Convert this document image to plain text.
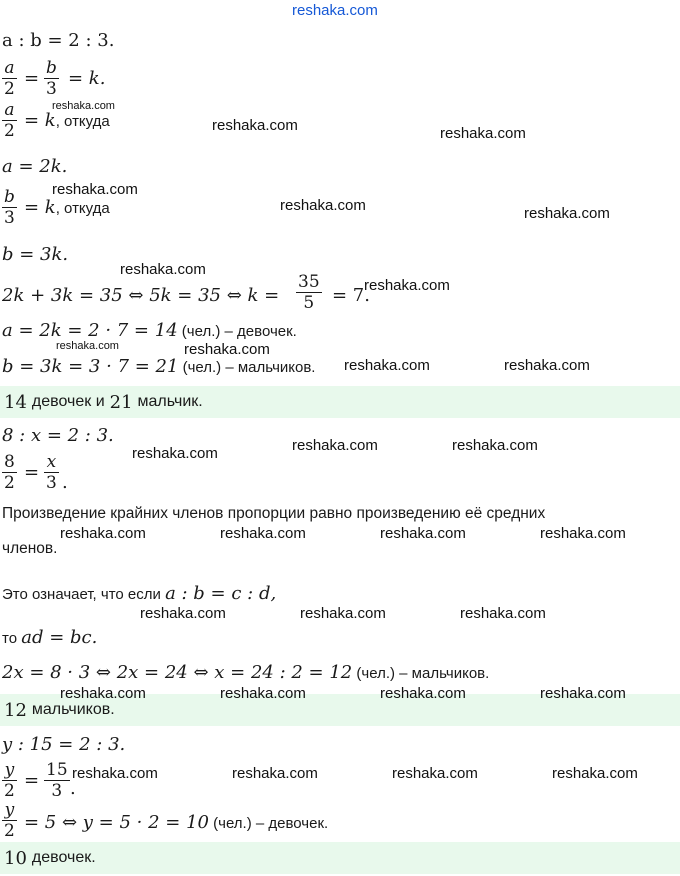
reshaka.com
a : b = 2 : 3.
a
2 = b
3 = k.
a
2 = k, откуда
a = 2k.
b
3 = k, откуда
b = 3k.
2k + 3k = 35 ⇔ 5k = 35 ⇔ k =
35
5 = 7.
a = 2k = 2 · 7 = 14 (чел.) – девочек.
b = 3k = 3 · 7 = 21 (чел.) – мальчиков.
14 девочек и 21 мальчик.
8 : x = 2 : 3.
8
2 = x
3 .
Произведение крайних членов пропорции равно произведению её средних
членов.
Это означает, что если a : b = c : d,
то ad = bc.
2x = 8 · 3 ⇔ 2x = 24 ⇔ x = 24 : 2 = 12 (чел.) – мальчиков.
12 мальчиков.
y : 15 = 2 : 3.
y
2 = 15
3 .
y
2 = 5 ⇔ y = 5 · 2 = 10 (чел.) – девочек.
10 девочек.
reshaka.com
reshaka.com	reshaka.com
reshaka.com
reshaka.com	reshaka.com
reshaka.com
reshaka.com
reshaka.com	reshaka.com
reshaka.com	reshaka.com
reshaka.com	reshaka.com
reshaka.com
reshaka.com	reshaka.com	reshaka.com	reshaka.com
reshaka.com	reshaka.com	reshaka.com
reshaka.com	reshaka.com	reshaka.com	reshaka.com
reshaka.com	reshaka.com	reshaka.com	reshaka.com
